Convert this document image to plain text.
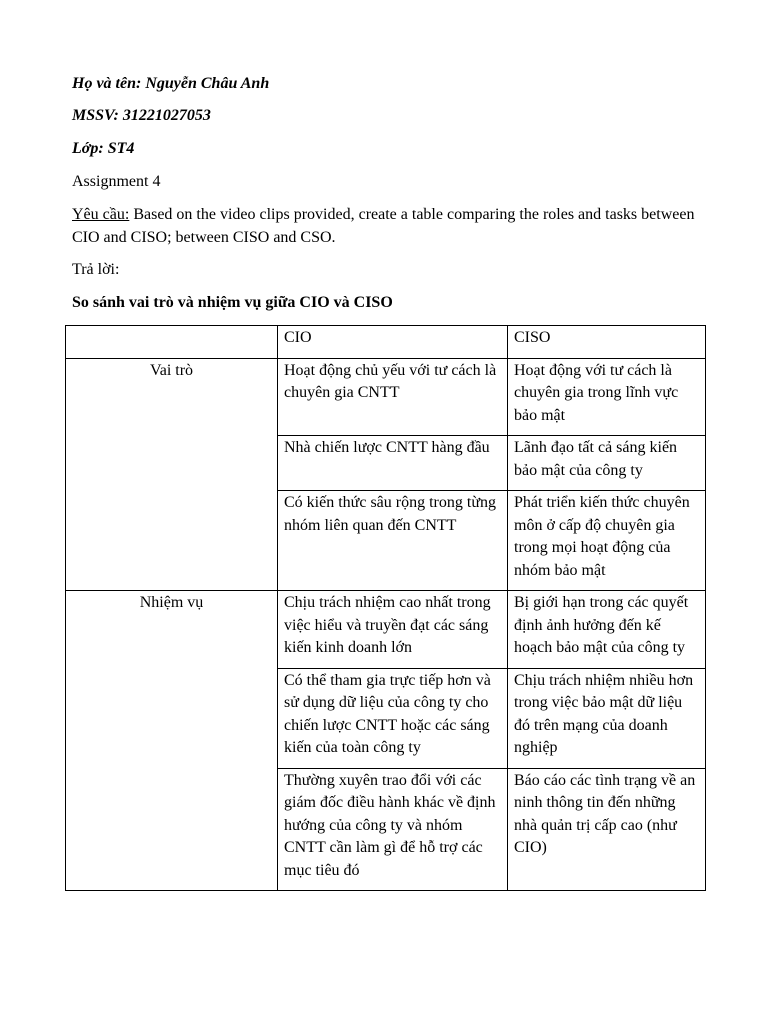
Họ và tên: Nguyễn Châu Anh
MSSV: 31221027053
Lớp: ST4
Assignment 4
Yêu cầu: Based on the video clips provided, create a table comparing the roles and tasks between CIO and CISO; between CISO and CSO.
Trả lời:
So sánh vai trò và nhiệm vụ giữa CIO và CISO
	CIO	CISO
Vai trò	Hoạt động chủ yếu với tư cách là chuyên gia CNTT	Hoạt động với tư cách là chuyên gia trong lĩnh vực bảo mật
	Nhà chiến lược CNTT hàng đầu	Lãnh đạo tất cả sáng kiến bảo mật của công ty
	Có kiến thức sâu rộng trong từng nhóm liên quan đến CNTT	Phát triển kiến thức chuyên môn ở cấp độ chuyên gia trong mọi hoạt động của nhóm bảo mật
Nhiệm vụ	Chịu trách nhiệm cao nhất trong việc hiểu và truyền đạt các sáng kiến kinh doanh lớn	Bị giới hạn trong các quyết định ảnh hưởng đến kế hoạch bảo mật của công ty
	Có thể tham gia trực tiếp hơn và sử dụng dữ liệu của công ty cho chiến lược CNTT hoặc các sáng kiến của toàn công ty	Chịu trách nhiệm nhiều hơn trong việc bảo mật dữ liệu đó trên mạng của doanh nghiệp
	Thường xuyên trao đổi với các giám đốc điều hành khác về định hướng của công ty và nhóm CNTT cần làm gì để hỗ trợ các mục tiêu đó	Báo cáo các tình trạng về an ninh thông tin đến những nhà quản trị cấp cao (như CIO)
